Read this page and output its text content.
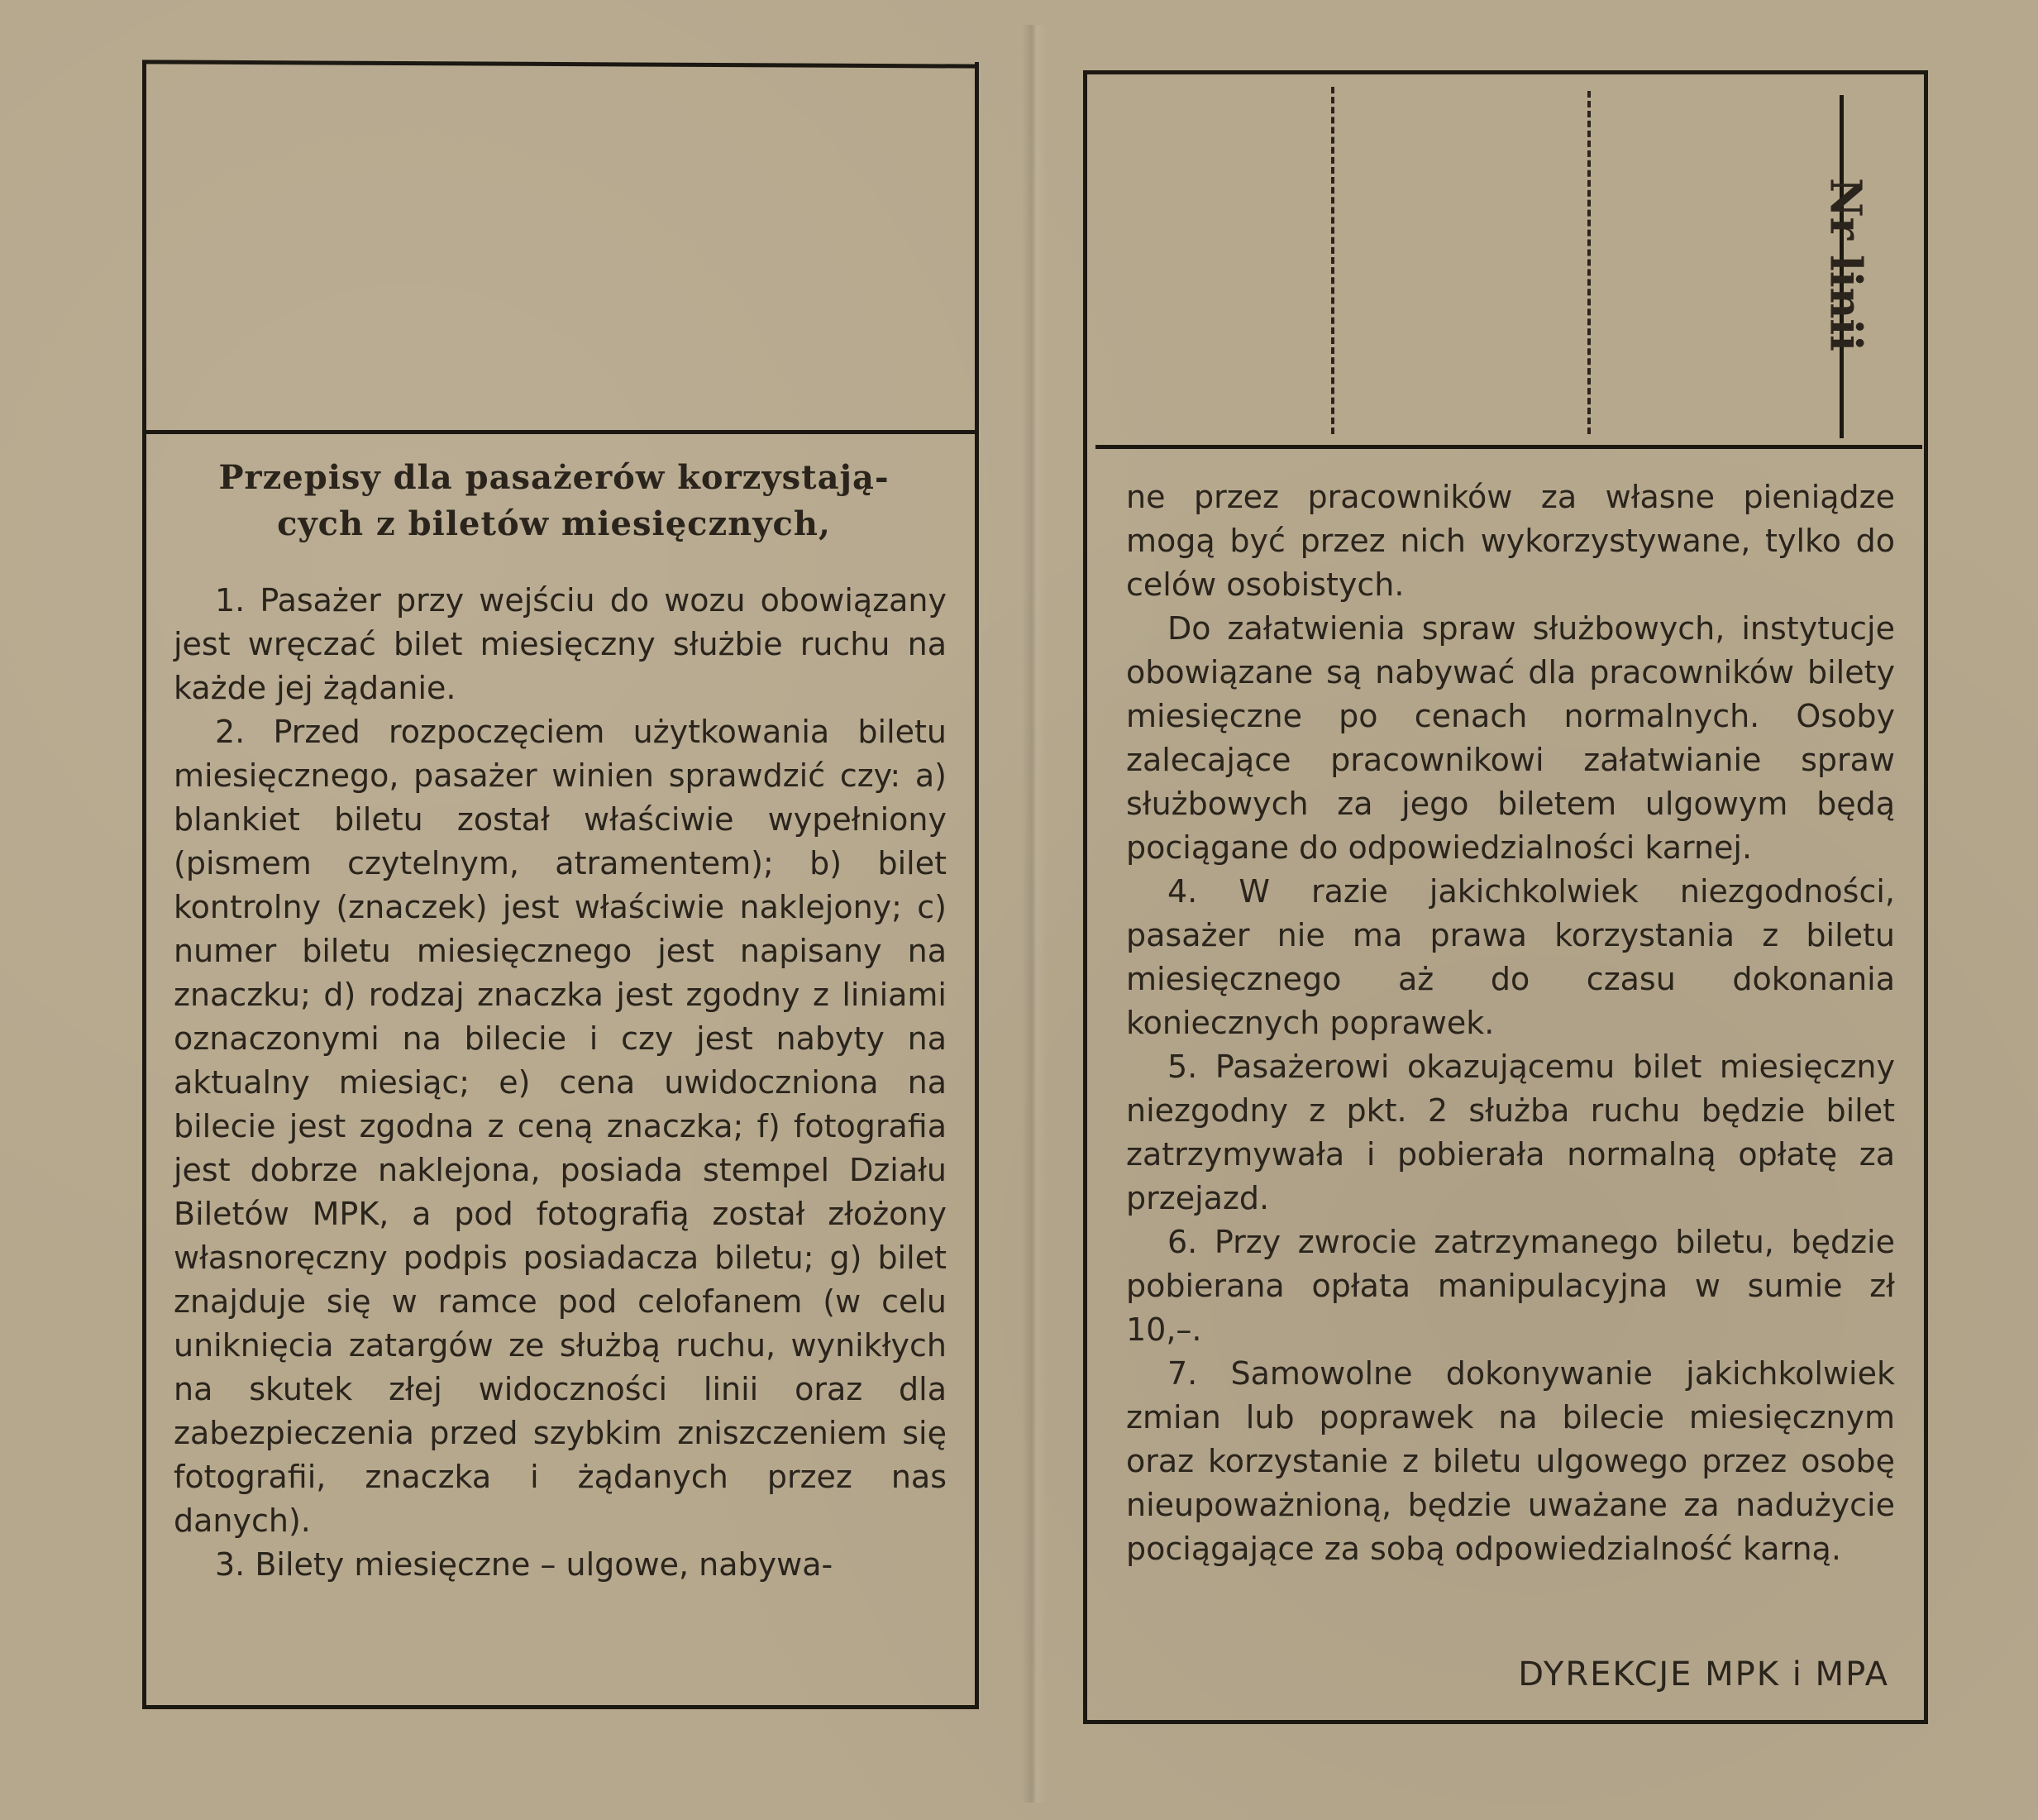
Przepisy dla pasażerów korzystają-
cych z biletów miesięcznych,

1. Pasażer przy wejściu do wozu obowiązany jest wręczać bilet miesięczny służbie ruchu na każde jej żądanie.

2. Przed rozpoczęciem użytkowania biletu miesięcznego, pasażer winien sprawdzić czy: a) blankiet biletu został właściwie wypełniony (pismem czytelnym, atramentem); b) bilet kontrolny (znaczek) jest właściwie naklejony; c) numer biletu miesięcznego jest napisany na znaczku; d) rodzaj znaczka jest zgodny z liniami oznaczonymi na bilecie i czy jest nabyty na aktualny miesiąc; e) cena uwidoczniona na bilecie jest zgodna z ceną znaczka; f) fotografia jest dobrze naklejona, posiada stempel Działu Biletów MPK, a pod fotografią został złożony własnoręczny podpis posiadacza biletu; g) bilet znajduje się w ramce pod celofanem (w celu uniknięcia zatargów ze służbą ruchu, wynikłych na skutek złej widoczności linii oraz dla zabezpieczenia przed szybkim zniszczeniem się fotografii, znaczka i żądanych przez nas danych).

3. Bilety miesięczne – ulgowe, nabywa-

Nr linii

ne przez pracowników za własne pieniądze mogą być przez nich wykorzystywane, tylko do celów osobistych.

Do załatwienia spraw służbowych, instytucje obowiązane są nabywać dla pracowników bilety miesięczne po cenach normalnych. Osoby zalecające pracownikowi załatwianie spraw służbowych za jego biletem ulgowym będą pociągane do odpowiedzialności karnej.

4. W razie jakichkolwiek niezgodności, pasażer nie ma prawa korzystania z biletu miesięcznego aż do czasu dokonania koniecznych poprawek.

5. Pasażerowi okazującemu bilet miesięczny niezgodny z pkt. 2 służba ruchu będzie bilet zatrzymywała i pobierała normalną opłatę za przejazd.

6. Przy zwrocie zatrzymanego biletu, będzie pobierana opłata manipulacyjna w sumie zł 10,–.

7. Samowolne dokonywanie jakichkolwiek zmian lub poprawek na bilecie miesięcznym oraz korzystanie z biletu ulgowego przez osobę nieupoważnioną, będzie uważane za nadużycie pociągające za sobą odpowiedzialność karną.

DYREKCJE MPK i MPA
